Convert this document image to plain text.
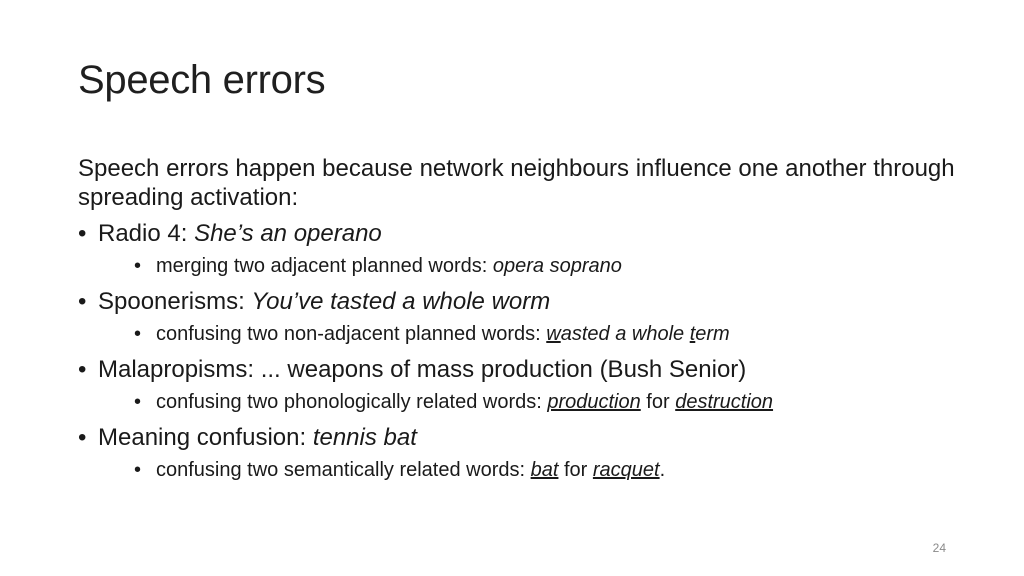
Speech errors

Speech errors happen because network neighbours influence one another through spreading activation:

• Radio 4: She’s an operano
• merging two adjacent planned words: opera soprano
• Spoonerisms: You’ve tasted a whole worm
• confusing two non-adjacent planned words: wasted a whole term
• Malapropisms: ... weapons of mass production (Bush Senior)
• confusing two phonologically related words: production for destruction
• Meaning confusion: tennis bat
• confusing two semantically related words: bat for racquet.
24
